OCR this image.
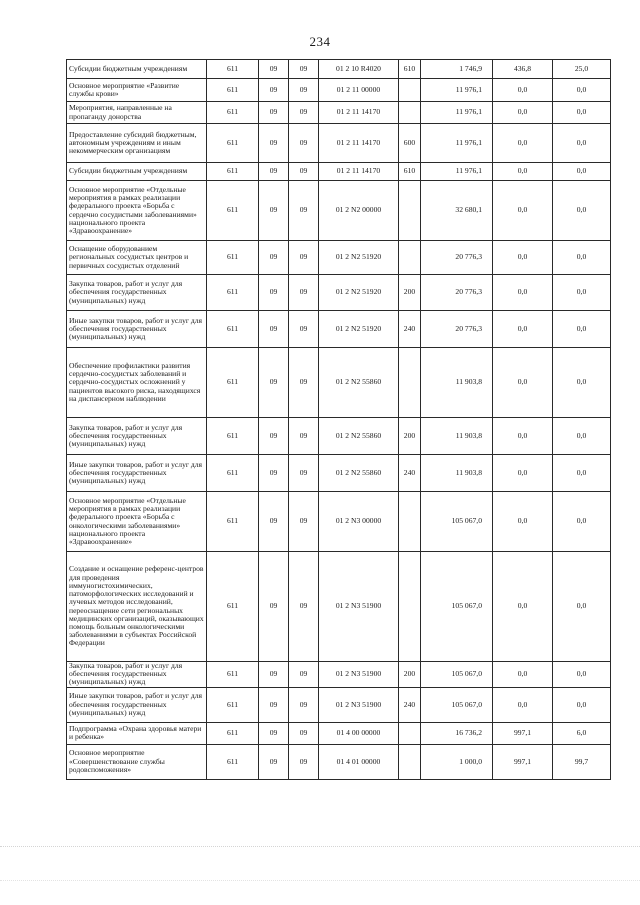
234
Субсидии бюджетным учреждениям	611	09	09	01 2 10 R4020	610	1 746,9	436,8	25,0
Основное мероприятие «Развитие службы крови»	611	09	09	01 2 11 00000		11 976,1	0,0	0,0
Мероприятия, направленные на пропаганду донорства	611	09	09	01 2 11 14170		11 976,1	0,0	0,0
Предоставление субсидий бюджетным, автономным учреждениям и иным некоммерческим организациям	611	09	09	01 2 11 14170	600	11 976,1	0,0	0,0
Субсидии бюджетным учреждениям	611	09	09	01 2 11 14170	610	11 976,1	0,0	0,0
Основное мероприятие «Отдельные мероприятия в рамках реализации федерального проекта «Борьба с сердечно сосудистыми заболеваниями» национального проекта «Здравоохранение»	611	09	09	01 2 N2 00000		32 680,1	0,0	0,0
Оснащение оборудованием региональных сосудистых центров и первичных сосудистых отделений	611	09	09	01 2 N2 51920		20 776,3	0,0	0,0
Закупка товаров, работ и услуг для обеспечения государственных (муниципальных) нужд	611	09	09	01 2 N2 51920	200	20 776,3	0,0	0,0
Иные закупки товаров, работ и услуг для обеспечения государственных (муниципальных) нужд	611	09	09	01 2 N2 51920	240	20 776,3	0,0	0,0
Обеспечение профилактики развития сердечно-сосудистых заболеваний и сердечно-сосудистых осложнений у пациентов высокого риска, находящихся на диспансерном наблюдении	611	09	09	01 2 N2 55860		11 903,8	0,0	0,0
Закупка товаров, работ и услуг для обеспечения государственных (муниципальных) нужд	611	09	09	01 2 N2 55860	200	11 903,8	0,0	0,0
Иные закупки товаров, работ и услуг для обеспечения государственных (муниципальных) нужд	611	09	09	01 2 N2 55860	240	11 903,8	0,0	0,0
Основное мероприятие «Отдельные мероприятия в рамках реализации федерального проекта «Борьба с онкологическими заболеваниями» национального проекта «Здравоохранение»	611	09	09	01 2 N3 00000		105 067,0	0,0	0,0
Создание и оснащение референс-центров для проведения иммуногистохимических, патоморфологических исследований и лучевых методов исследований, переоснащение сети региональных медицинских организаций, оказывающих помощь больным онкологическими заболеваниями в субъектах Российской Федерации	611	09	09	01 2 N3 51900		105 067,0	0,0	0,0
Закупка товаров, работ и услуг для обеспечения государственных (муниципальных) нужд	611	09	09	01 2 N3 51900	200	105 067,0	0,0	0,0
Иные закупки товаров, работ и услуг для обеспечения государственных (муниципальных) нужд	611	09	09	01 2 N3 51900	240	105 067,0	0,0	0,0
Подпрограмма «Охрана здоровья матери и ребенка»	611	09	09	01 4 00 00000		16 736,2	997,1	6,0
Основное мероприятие «Совершенствование службы родовспоможения»	611	09	09	01 4 01 00000		1 000,0	997,1	99,7
